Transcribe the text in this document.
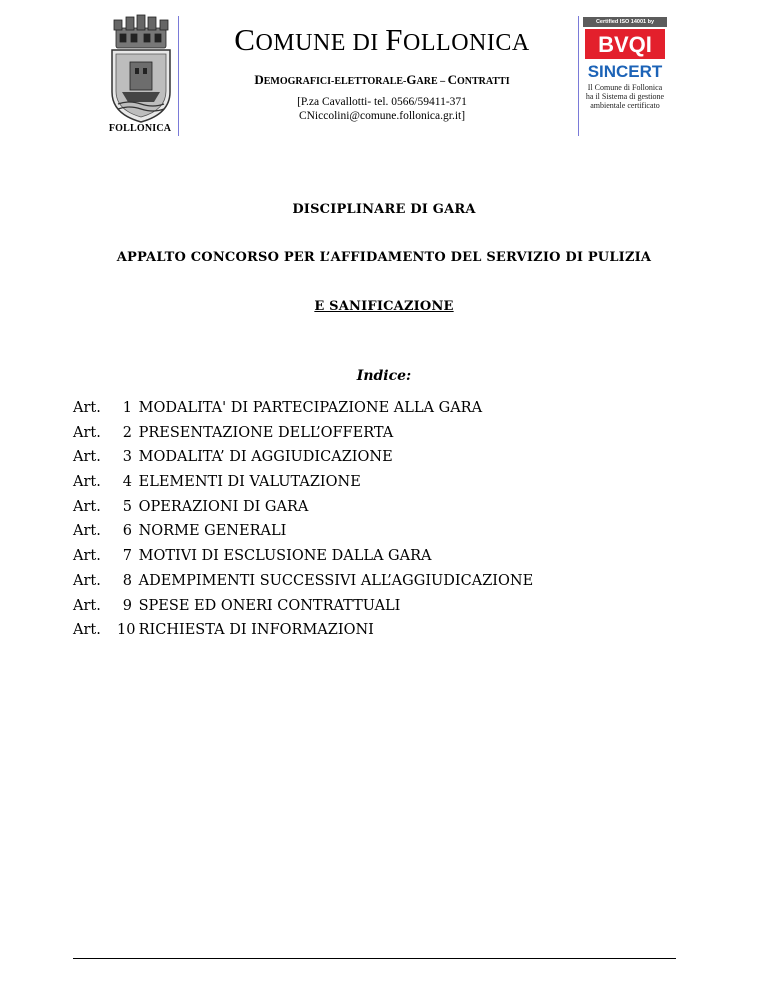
FOLLONICA
COMUNE DI FOLLONICA
DEMOGRAFICI-ELETTORALE-GARE – CONTRATTI
[P.za Cavallotti- tel. 0566/59411-371
CNiccolini@comune.follonica.gr.it]
Certified ISO 14001 by
BVQI
SINCERT
Il Comune di Follonica
ha il Sistema di gestione
ambientale certificato
DISCIPLINARE DI GARA
APPALTO CONCORSO PER L’AFFIDAMENTO DEL SERVIZIO DI PULIZIA
E SANIFICAZIONE
Indice:
Art. 1 MODALITA' DI PARTECIPAZIONE ALLA GARA
Art. 2 PRESENTAZIONE DELL’OFFERTA
Art. 3 MODALITA’ DI AGGIUDICAZIONE
Art. 4 ELEMENTI DI VALUTAZIONE
Art. 5 OPERAZIONI DI GARA
Art. 6 NORME GENERALI
Art. 7 MOTIVI DI ESCLUSIONE DALLA GARA
Art. 8 ADEMPIMENTI SUCCESSIVI ALL’AGGIUDICAZIONE
Art. 9 SPESE ED ONERI CONTRATTUALI
Art. 10 RICHIESTA DI INFORMAZIONI
